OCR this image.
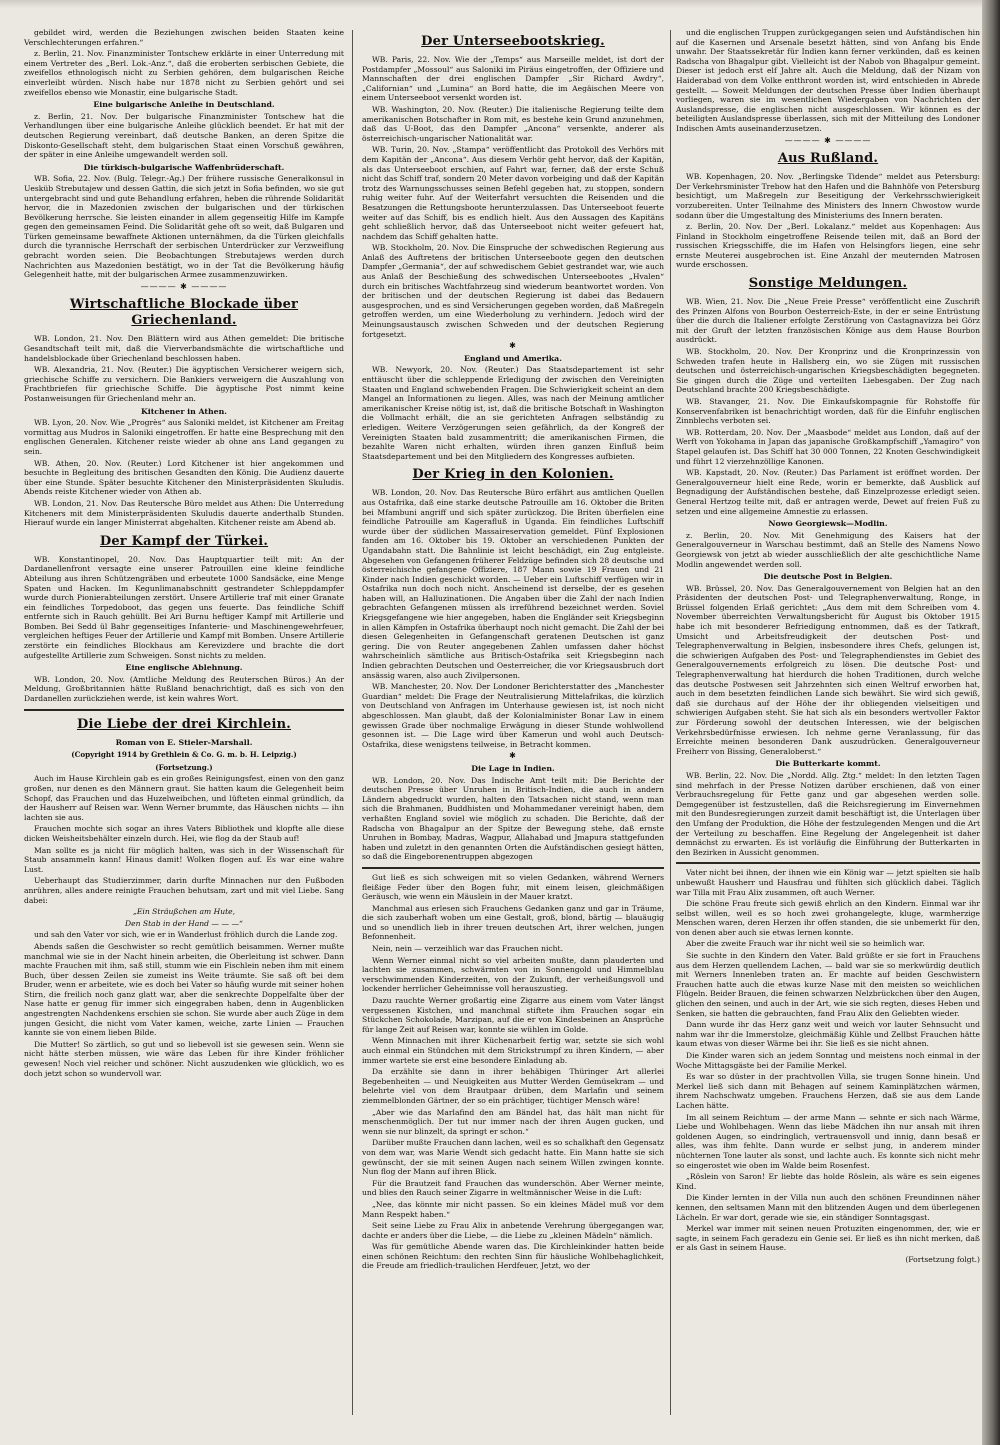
gebildet wird, werden die Beziehungen zwischen beiden Staaten keine Verschlechterungen erfahren.“

z. Berlin, 21. Nov. Finanzminister Tontschew erklärte in einer Unterredung mit einem Vertreter des „Berl. Lok.-Anz.“, daß die eroberten serbischen Gebiete, die zweifellos ethnologisch nicht zu Serbien gehören, dem bulgarischen Reiche einverleibt würden. Nisch habe nur 1878 nicht zu Serbien gehört und sei zweifellos ebenso wie Monastir, eine bulgarische Stadt.

Eine bulgarische Anleihe in Deutschland.

z. Berlin, 21. Nov. Der bulgarische Finanzminister Tontschew hat die Verhandlungen über eine bulgarische Anleihe glücklich beendet. Er hat mit der deutschen Regierung vereinbart, daß deutsche Banken, an deren Spitze die Diskonto-Gesellschaft steht, dem bulgarischen Staat einen Vorschuß gewähren, der später in eine Anleihe umgewandelt werden soll.

Die türkisch-bulgarische Waffenbrüderschaft.

WB. Sofia, 22. Nov. (Bulg. Telegr.-Ag.) Der frühere russische Generalkonsul in Uesküb Strebutajew und dessen Gattin, die sich jetzt in Sofia befinden, wo sie gut untergebracht sind und gute Behandlung erfahren, heben die rührende Solidarität hervor, die in Mazedonien zwischen der bulgarischen und der türkischen Bevölkerung herrsche. Sie leisten einander in allem gegenseitig Hilfe im Kampfe gegen den gemeinsamen Feind. Die Solidarität gehe oft so weit, daß Bulgaren und Türken gemeinsame bewaffnete Aktionen unternähmen, da die Türken gleichfalls durch die tyrannische Herrschaft der serbischen Unterdrücker zur Verzweiflung gebracht worden seien. Die Beobachtungen Strebutajews werden durch Nachrichten aus Mazedonien bestätigt, wo in der Tat die Bevölkerung häufig Gelegenheit hatte, mit der bulgarischen Armee zusammenzuwirken.

———— ✱ ————
Wirtschaftliche Blockade über Griechenland.

WB. London, 21. Nov. Den Blättern wird aus Athen gemeldet: Die britische Gesandtschaft teilt mit, daß die Vierverbandsmächte die wirtschaftliche und handelsblockade über Griechenland beschlossen haben.

WB. Alexandria, 21. Nov. (Reuter.) Die ägyptischen Versicherer weigern sich, griechische Schiffe zu versichern. Die Bankiers verweigern die Auszahlung von Frachtbriefen für griechische Schiffe. Die ägyptische Post nimmt keine Postanweisungen für Griechenland mehr an.

Kitchener in Athen.

WB. Lyon, 20. Nov. Wie „Progrès“ aus Saloniki meldet, ist Kitchener am Freitag vormittag aus Mudros in Saloniki eingetroffen. Er hatte eine Besprechung mit den englischen Generalen. Kitchener reiste wieder ab ohne ans Land gegangen zu sein.

WB. Athen, 20. Nov. (Reuter.) Lord Kitchener ist hier angekommen und besuchte in Begleitung des britischen Gesandten den König. Die Audienz dauerte über eine Stunde. Später besuchte Kitchener den Ministerpräsidenten Skuludis. Abends reiste Kitchener wieder von Athen ab.

WB. London, 21. Nov. Das Reutersche Büro meldet aus Athen: Die Unterredung Kitcheners mit dem Ministerpräsidenten Skuludis dauerte anderthalb Stunden. Hierauf wurde ein langer Ministerrat abgehalten. Kitchener reiste am Abend ab.

Der Kampf der Türkei.

WB. Konstantinopel, 20. Nov. Das Hauptquartier teilt mit: An der Dardanellenfront versagte eine unserer Patrouillen eine kleine feindliche Abteilung aus ihren Schützengräben und erbeutete 1000 Sandsäcke, eine Menge Spaten und Hacken. Im Kegunlimanabschnitt gestrandeter Schleppdampfer wurde durch Pionierabteilungen zerstört. Unsere Artillerie traf mit einer Granate ein feindliches Torpedoboot, das gegen uns feuerte. Das feindliche Schiff entfernte sich in Rauch gehüllt. Bei Ari Burnu heftiger Kampf mit Artillerie und Bomben. Bei Sedd ül Bahr gegenseitiges Infanterie- und Maschinengewehrfeuer, vergleichen heftiges Feuer der Artillerie und Kampf mit Bomben. Unsere Artillerie zerstörte ein feindliches Blockhaus am Kerevizdere und brachte die dort aufgestellte Artillerie zum Schweigen. Sonst nichts zu melden.

Eine englische Ablehnung.

WB. London, 20. Nov. (Amtliche Meldung des Reuterschen Büros.) An der Meldung, Großbritannien hätte Rußland benachrichtigt, daß es sich von den Dardanellen zurückziehen werde, ist kein wahres Wort.

Die Liebe der drei Kirchlein.
Roman von E. Stieler-Marshall.
(Copyright 1914 by Grethlein & Co. G. m. b. H. Leipzig.)
(Fortsetzung.)

Auch im Hause Kirchlein gab es ein großes Reinigungsfest, einen von den ganz großen, nur denen es den Männern graut. Sie hatten kaum die Gelegenheit beim Schopf, das Frauchen und das Huzelweibchen, und lüfteten einmal gründlich, da der Hausherr auf Reisen war. Wenn Werner brummte, das Häuschen nichts — ihn lachten sie aus.

Frauchen mochte sich sogar an ihres Vaters Bibliothek und klopfte alle diese dicken Weisheitsbehälter einzeln durch. Hei, wie flog da der Staub auf!

Man sollte es ja nicht für möglich halten, was sich in der Wissenschaft für Staub ansammeln kann! Hinaus damit! Wolken flogen auf. Es war eine wahre Lust.

Ueberhaupt das Studierzimmer, darin durfte Minnachen nur den Fußboden anrühren, alles andere reinigte Frauchen behutsam, zart und mit viel Liebe. Sang dabei:

„Ein Sträußchen am Hute,

Den Stab in der Hand — — —“

und sah den Vater vor sich, wie er in Wanderlust fröhlich durch die Lande zog.

Abends saßen die Geschwister so recht gemütlich beisammen. Werner mußte manchmal wie sie in der Nacht hinein arbeiten, die Oberleitung ist schwer. Dann machte Frauchen mit ihm, saß still, stumm wie ein Fischlein neben ihm mit einem Buch, über dessen Zeilen sie zumeist ins Weite träumte. Sie saß oft bei dem Bruder, wenn er arbeitete, wie es doch bei Vater so häufig wurde mit seiner hohen Stirn, die freilich noch ganz glatt war, aber die senkrechte Doppelfalte über der Nase hatte er genug für immer sich eingegraben haben, denn in Augenblicken angestrengten Nachdenkens erschien sie schon. Sie wurde aber auch Züge in dem jungen Gesicht, die nicht vom Vater kamen, weiche, zarte Linien — Frauchen kannte sie von einem lieben Bilde.

Die Mutter! So zärtlich, so gut und so liebevoll ist sie gewesen sein. Wenn sie nicht hätte sterben müssen, wie wäre das Leben für ihre Kinder fröhlicher gewesen! Noch viel reicher und schöner. Nicht auszudenken wie glücklich, wo es doch jetzt schon so wundervoll war.

Der Unterseebootskrieg.

WB. Paris, 22. Nov. Wie der „Temps“ aus Marseille meldet, ist dort der Postdampfer „Mossoul“ aus Saloniki im Piräus eingetroffen, der Offiziere und Mannschaften der drei englischen Dampfer „Sir Richard Awdry“, „Californian“ und „Lumina“ an Bord hatte, die im Aegäischen Meere von einem Unterseeboot versenkt worden ist.

WB. Washington, 20. Nov. (Reuter.) Die italienische Regierung teilte dem amerikanischen Botschafter in Rom mit, es bestehe kein Grund anzunehmen, daß das U-Boot, das den Dampfer „Ancona“ versenkte, anderer als österreichisch-ungarischer Nationalität war.

WB. Turin, 20. Nov. „Stampa“ veröffentlicht das Protokoll des Verhörs mit dem Kapitän der „Ancona“. Aus diesem Verhör geht hervor, daß der Kapitän, als das Unterseeboot erschien, auf Fahrt war, ferner, daß der erste Schuß nicht das Schiff traf, sondern 20 Meter davon vorbeiging und daß der Kapitän trotz des Warnungsschusses seinen Befehl gegeben hat, zu stoppen, sondern ruhig weiter fuhr. Auf der Weiterfahrt versuchten die Reisenden und die Besatzungen die Rettungsboote herunterzulassen. Das Unterseeboot feuerte weiter auf das Schiff, bis es endlich hielt. Aus den Aussagen des Kapitäns geht schließlich hervor, daß das Unterseeboot nicht weiter gefeuert hat, nachdem das Schiff gehalten hatte.

WB. Stockholm, 20. Nov. Die Einspruche der schwedischen Regierung aus Anlaß des Auftretens der britischen Unterseeboote gegen den deutschen Dampfer „Germania“, der auf schwedischem Gebiet gestrandet war, wie auch aus Anlaß der Beschießung des schwedischen Unterseebootes „Hvalen“ durch ein britisches Wachtfahrzeug sind wiederum beantwortet worden. Von der britischen und der deutschen Regierung ist dabei das Bedauern ausgesprochen, und es sind Versicherungen gegeben worden, daß Maßregeln getroffen werden, um eine Wiederholung zu verhindern. Jedoch wird der Meinungsaustausch zwischen Schweden und der deutschen Regierung fortgesetzt.

✱
England und Amerika.

WB. Newyork, 20. Nov. (Reuter.) Das Staatsdepartement ist sehr enttäuscht über die schleppende Erledigung der zwischen den Vereinigten Staaten und England schwebenden Fragen. Die Schwierigkeit scheint an dem Mangel an Informationen zu liegen. Alles, was nach der Meinung amtlicher amerikanischer Kreise nötig ist, ist, daß die britische Botschaft in Washington die Vollmacht erhält, die an sie gerichteten Anfragen selbständig zu erledigen. Weitere Verzögerungen seien gefährlich, da der Kongreß der Vereinigten Staaten bald zusammentritt; die amerikanischen Firmen, die bezahlte Waren nicht erhalten, würden ihren ganzen Einfluß beim Staatsdepartement und bei den Mitgliedern des Kongresses aufbieten.

Der Krieg in den Kolonien.

WB. London, 20. Nov. Das Reutersche Büro erfährt aus amtlichen Quellen aus Ostafrika, daß eine starke deutsche Patrouille am 16. Oktober die Briten bei Mfambuni angriff und sich später zurückzog. Die Briten überfielen eine feindliche Patrouille am Kagerafluß in Uganda. Ein feindliches Luftschiff wurde über der südlichen Massaireservation gemeldet. Fünf Explosionen fanden am 16. Oktober bis 19. Oktober an verschiedenen Punkten der Ugandabahn statt. Die Bahnlinie ist leicht beschädigt, ein Zug entgleiste. Abgesehen von Gefangenen früherer Feldzüge befinden sich 28 deutsche und österreichische gefangene Offiziere, 187 Mann sowie 19 Frauen und 21 Kinder nach Indien geschickt worden. — Ueber ein Luftschiff verfügen wir in Ostafrika nun doch noch nicht. Anscheinend ist derselbe, der es gesehen haben will, an Halluzinationen. Die Angaben über die Zahl der nach Indien gebrachten Gefangenen müssen als irreführend bezeichnet werden. Soviel Kriegsgefangene wie hier angegeben, haben die Engländer seit Kriegsbeginn in allen Kämpfen in Ostafrika überhaupt noch nicht gemacht. Die Zahl der bei diesen Gelegenheiten in Gefangenschaft geratenen Deutschen ist ganz gering. Die von Reuter angegebenen Zahlen umfassen daher höchst wahrscheinlich sämtliche aus Britisch-Ostafrika seit Kriegsbeginn nach Indien gebrachten Deutschen und Oesterreicher, die vor Kriegsausbruch dort ansässig waren, also auch Zivilpersonen.

WB. Manchester, 20. Nov. Der Londoner Berichterstatter des „Manchester Guardian“ meldet: Die Frage der Neutralisierung Mittelafrikas, die kürzlich von Deutschland von Anfragen im Unterhause gewiesen ist, ist noch nicht abgeschlossen. Man glaubt, daß der Kolonialminister Bonar Law in einem gewissen Grade über nochmalige Erwägung in dieser Stunde wohlwollend gesonnen ist. — Die Lage wird über Kamerun und wohl auch Deutsch-Ostafrika, diese wenigstens teilweise, in Betracht kommen.

✱
Die Lage in Indien.

WB. London, 20. Nov. Das Indische Amt teilt mit: Die Berichte der deutschen Presse über Unruhen in Britisch-Indien, die auch in andern Ländern abgedruckt wurden, halten den Tatsachen nicht stand, wenn man sich die Brahmanen, Buddhisten und Mohammedaner vereinigt haben, dem verhaßten England soviel wie möglich zu schaden. Die Berichte, daß der Radscha von Bhagalpur an der Spitze der Bewegung stehe, daß ernste Unruhen in Bombay, Madras, Wagpur, Allahabad und Jmapura stattgefunden haben und zuletzt in den genannten Orten die Aufständischen gesiegt hätten, so daß die Eingeborenentruppen abgezogen

Gut ließ es sich schweigen mit so vielen Gedanken, während Werners fleißige Feder über den Bogen fuhr, mit einem leisen, gleichmäßigen Geräusch, wie wenn ein Mäuslein in der Mauer kratzt.

Manchmal aus erlesen sich Frauchens Gedanken ganz und gar in Träume, die sich zauberhaft woben um eine Gestalt, groß, blond, bärtig — blauäugig und so unendlich lieb in ihrer treuen deutschen Art, ihrer welchen, jungen Befonnenheit.

Nein, nein — verzeihlich war das Frauchen nicht.

Wenn Werner einmal nicht so viel arbeiten mußte, dann plauderten und lachten sie zusammen, schwärmten von in Sonnengold und Himmelblau verschwimmenden Kinderzeiten, von der Zukunft, der verheißungsvoll und lockender herrlicher Geheimnisse voll herauszustieg.

Dazu rauchte Werner großartig eine Zigarre aus einem vom Vater längst vergessenen Kistchen, und manchmal stiftete ihm Frauchen sogar ein Stückchen Schokolade, Marzipan, auf die er von Kindesbeinen an Ansprüche für lange Zeit auf Reisen war, konnte sie wühlen im Golde.

Wenn Minnachen mit ihrer Küchenarbeit fertig war, setzte sie sich wohl auch einmal ein Stündchen mit dem Strickstrumpf zu ihren Kindern, — aber immer wartete sie erst eine besondere Einladung ab.

Da erzählte sie dann in ihrer behäbigen Thüringer Art allerlei Begebenheiten — und Neuigkeiten aus Mutter Werden Gemüsekram — und belehrte viel von dem Brautpaar drüben, dem Marlafin und seinem ziemmelblonden Gärtner, der so ein prächtiger, tüchtiger Mensch wäre!

„Aber wie das Marlafind den am Bändel hat, das hält man nicht für menschenmöglich. Der tut nur immer nach der ihren Augen gucken, und wenn sie nur blinzelt, da springt er schon.“

Darüber mußte Frauchen dann lachen, weil es so schalkhaft den Gegensatz von dem war, was Marie Wendt sich gedacht hatte. Ein Mann hatte sie sich gewünscht, der sie mit seinen Augen nach seinem Willen zwingen konnte. Nun flog der Mann auf ihren Blick.

Für die Brautzeit fand Frauchen das wunderschön. Aber Werner meinte, und blies den Rauch seiner Zigarre in weltmännischer Weise in die Luft:

„Nee, das könnte mir nicht passen. So ein kleines Mädel muß vor dem Mann Respekt haben.“

Seit seine Liebe zu Frau Alix in anbetende Verehrung übergegangen war, dachte er anders über die Liebe, — die Liebe zu „kleinen Mädeln“ nämlich.

Was für gemütliche Abende waren das. Die Kirchleinkinder hatten beide einen schönen Reichtum: den rechten Sinn für häusliche Wohlbehaglichkeit, die Freude am friedlich-traulichen Herdfeuer, Jetzt, wo der

und die englischen Truppen zurückgegangen seien und Aufständischen hin auf die Kasernen und Arsenale besetzt hätten, sind von Anfang bis Ende unwahr. Der Staatssekretär für Indien kann ferner verkünden, daß es keinen Radscha von Bhagalpur gibt. Vielleicht ist der Nabob von Bhagalpur gemeint. Dieser ist jedoch erst elf Jahre alt. Auch die Meldung, daß der Nizam von Haiderabad von dem Volke entthront worden ist, wird entschieden in Abrede gestellt. — Soweit Meldungen der deutschen Presse über Indien überhaupt vorliegen, waren sie im wesentlichen Wiedergaben von Nachrichten der Auslandspresse, die englischen nicht ausgeschlossen. Wir können es der beteiligten Auslandspresse überlassen, sich mit der Mitteilung des Londoner Indischen Amts auseinanderzusetzen.

———— ✱ ————
Aus Rußland.

WB. Kopenhagen, 20. Nov. „Berlingske Tidende“ meldet aus Petersburg: Der Verkehrsminister Trebow hat den Hafen und die Bahnhöfe von Petersburg besichtigt, um Maßregeln zur Beseitigung der Verkehrsschwierigkeit vorzubereiten. Unter Teilnahme des Ministers des Innern Chwostow wurde sodann über die Umgestaltung des Ministeriums des Innern beraten.

z. Berlin, 20. Nov. Der „Berl. Lokalanz.“ meldet aus Kopenhagen: Aus Finland in Stockholm eingetroffene Reisende teilen mit, daß an Bord der russischen Kriegsschiffe, die im Hafen von Helsingfors liegen, eine sehr ernste Meuterei ausgebrochen ist. Eine Anzahl der meuternden Matrosen wurde erschossen.

Sonstige Meldungen.

WB. Wien, 21. Nov. Die „Neue Freie Presse“ veröffentlicht eine Zuschrift des Prinzen Alfons von Bourbon Oesterreich-Este, in der er seine Entrüstung über die durch die Italiener erfolgte Zerstörung von Castagnavizza bei Görz mit der Gruft der letzten französischen Könige aus dem Hause Bourbon ausdrückt.

WB. Stockholm, 20. Nov. Der Kronprinz und die Kronprinzessin von Schweden trafen heute in Hallsberg ein, wo sie Zügen mit russischen deutschen und österreichisch-ungarischen Kriegsbeschädigten begegneten. Sie gingen durch die Züge und verteilten Liebesgaben. Der Zug nach Deutschland brachte 200 Kriegsbeschädigte.

WB. Stavanger, 21. Nov. Die Einkaufskompagnie für Rohstoffe für Konservenfabriken ist benachrichtigt worden, daß für die Einfuhr englischen Zinnblechs verboten sei.

WB. Rotterdam, 20. Nov. Der „Maasbode“ meldet aus London, daß auf der Werft von Yokohama in Japan das japanische Großkampfschiff „Yamagiro“ von Stapel gelaufen ist. Das Schiff hat 30 000 Tonnen, 22 Knoten Geschwindigkeit und führt 12 vierzehnzöllige Kanonen.

WB. Kapstadt, 20. Nov. (Reuter.) Das Parlament ist eröffnet worden. Der Generalgouverneur hielt eine Rede, worin er bemerkte, daß Ausblick auf Begnadigung der Aufständischen bestehe, daß Einzelprozesse erledigt seien. General Hertzog teilte mit, daß er antragen werde, Dewet auf freien Fuß zu setzen und eine allgemeine Amnestie zu erlassen.

Nowo Georgiewsk—Modlin.

z. Berlin, 20. Nov. Mit Genehmigung des Kaisers hat der Generalgouverneur in Warschau bestimmt, daß an Stelle des Namens Nowo Georgiewsk von jetzt ab wieder ausschließlich der alte geschichtliche Name Modlin angewendet werden soll.

Die deutsche Post in Belgien.

WB. Brüssel, 20. Nov. Das Generalgouvernement von Belgien hat an den Präsidenten der deutschen Post- und Telegraphenverwaltung, Ronge, in Brüssel folgenden Erlaß gerichtet: „Aus dem mit dem Schreiben vom 4. November überreichten Verwaltungsbericht für August bis Oktober 1915 habe ich mit besonderer Befriedigung entnommen, daß es der Tatkraft, Umsicht und Arbeitsfreudigkeit der deutschen Post- und Telegraphenverwaltung in Belgien, insbesondere ihres Chefs, gelungen ist, die schwierigen Aufgaben des Post- und Telegraphendienstes im Gebiet des Generalgouvernements erfolgreich zu lösen. Die deutsche Post- und Telegraphenverwaltung hat hierdurch die hohen Traditionen, durch welche das deutsche Postwesen seit Jahrzehnten sich einen Weltruf erworben hat, auch in dem besetzten feindlichen Lande sich bewährt. Sie wird sich gewiß, daß sie durchaus auf der Höhe der ihr obliegenden vielseitigen und schwierigen Aufgaben steht. Sie hat sich als ein besonders wertvoller Faktor zur Förderung sowohl der deutschen Interessen, wie der belgischen Verkehrsbedürfnisse erwiesen. Ich nehme gerne Veranlassung, für das Erreichte meinen besonderen Dank auszudrücken. Generalgouverneur Freiherr von Bissing, Generaloberst.“

Die Butterkarte kommt.

WB. Berlin, 22. Nov. Die „Nordd. Allg. Ztg.“ meldet: In den letzten Tagen sind mehrfach in der Presse Notizen darüber erschienen, daß von einer Verbrauchsregelung für Fette ganz und gar abgesehen werden solle. Demgegenüber ist festzustellen, daß die Reichsregierung im Einvernehmen mit den Bundesregierungen zurzeit damit beschäftigt ist, die Unterlagen über den Umfang der Produktion, die Höhe der festzulegenden Mengen und die Art der Verteilung zu beschaffen. Eine Regelung der Angelegenheit ist daher demnächst zu erwarten. Es ist vorläufig die Einführung der Butterkarten in den Bezirken in Aussicht genommen.

Vater nicht bei ihnen, der ihnen wie ein König war — jetzt spielten sie halb unbewußt Hausherr und Hausfrau und fühlten sich glücklich dabei. Täglich war Tilla mit Frau Alix zusammen, oft auch Werner.

Die schöne Frau freute sich gewiß ehrlich an den Kindern. Einmal war ihr selbst willen, weil es so hoch zwei grohangelegte, kluge, warmherzige Menschen waren, deren Herzen ihr offen standen, die sie unbemerkt für den, von denen aber auch sie etwas lernen konnte.

Aber die zweite Frauch war ihr nicht weil sie so heimlich war.

Sie suchte in den Kindern den Vater. Bald grüßte er sie fort in Frauchens aus dem Herzen quellendem Lachen, — bald war sie so merkwürdig deutlich mit Werners Innenleben traten an. Er machte auf beiden Geschwistern Frauchen hatte auch die etwas kurze Nase mit den meisten so weichlichen Flügeln. Beider Brauen, die feinen schwarzen Nelzbrückchen über den Augen, glichen den seinen, und auch in der Art, wie sie sich regten, dieses Heben und Senken, sie hatten die gebrauchten, fand Frau Alix den Geliebten wieder.

Dann wurde ihr das Herz ganz weit und weich vor lauter Sehnsucht und nahm war ihr die Immerstolze, gleichmäßig Kühle und Zellbst Frauchen hätte kaum etwas von dieser Wärme bei ihr. Sie ließ es sie nicht ahnen.

Die Kinder waren sich an jedem Sonntag und meistens noch einmal in der Woche Mittagsgäste bei der Familie Merkel.

Es war so düster in der prachtvollen Villa, sie trugen Sonne hinein. Und Merkel ließ sich dann mit Behagen auf seinem Kaminplätzchen wärmen, ihrem Nachschwatz umgeben. Frauchens Herzen, daß sie aus dem Lande Lachen hätte.

Im all seinem Reichtum — der arme Mann — sehnte er sich nach Wärme, Liebe und Wohlbehagen. Wenn das liebe Mädchen ihn nur ansah mit ihren goldenen Augen, so eindringlich, vertrauensvoll und innig, dann besaß er alles, was ihm fehlte. Dann wurde er selbst jung, in anderem minder nüchternen Tone lauter als sonst, und lachte auch. Es konnte sich nicht mehr so eingerostet wie oben im Walde beim Rosenfest.

„Röslein von Saron! Er liebte das holde Röslein, als wäre es sein eigenes Kind.

Die Kinder lernten in der Villa nun auch den schönen Freundinnen näher kennen, den seltsamen Mann mit den blitzenden Augen und dem überlegenen Lächeln. Er war dort, gerade wie sie, ein ständiger Sonntagsgast.

Merkel war immer mit seinen neuen Protuziten eingenommen, der, wie er sagte, in seinem Fach geradezu ein Genie sei. Er ließ es ihn nicht merken, daß er als Gast in seinem Hause.

(Fortsetzung folgt.)
